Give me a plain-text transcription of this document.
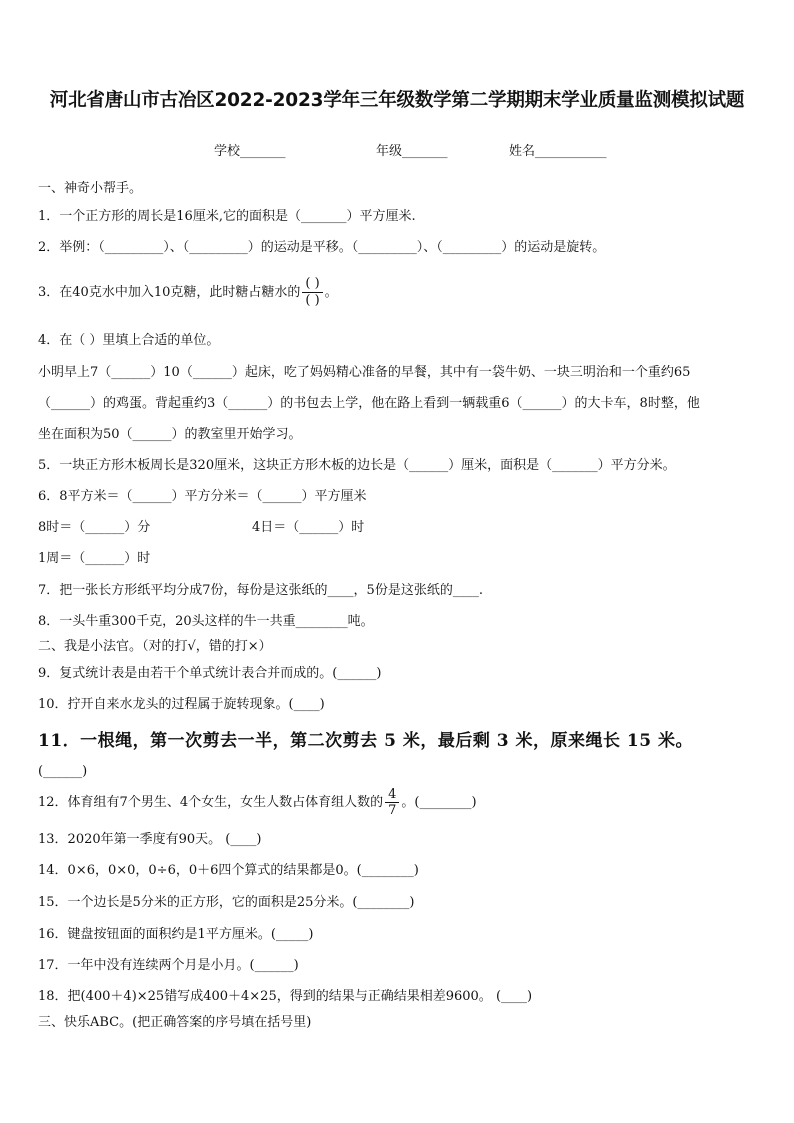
河北省唐山市古冶区2022-2023学年三年级数学第二学期期末学业质量监测模拟试题
学校_______	年级_______	姓名___________
一、神奇小帮手。
1．一个正方形的周长是16厘米,它的面积是（_______）平方厘米.
2．举例：（_________）、（_________）的运动是平移。（_________）、（_________）的运动是旋转。
3．在40克水中加入10克糖，此时糖占糖水的 $\frac{( )}{( )}$ 。
4．在（ ）里填上合适的单位。
小明早上7（______）10（______）起床，吃了妈妈精心准备的早餐，其中有一袋牛奶、一块三明治和一个重约65
（______）的鸡蛋。背起重约3（______）的书包去上学，他在路上看到一辆载重6（______）的大卡车，8时整，他
坐在面积为50（______）的教室里开始学习。
5．一块正方形木板周长是320厘米，这块正方形木板的边长是（______）厘米，面积是（_______）平方分米。
6．8平方米＝（______）平方分米＝（______）平方厘米
8时＝（______）分	4日＝（______）时
1周＝（______）时
7．把一张长方形纸平均分成7份，每份是这张纸的____，5份是这张纸的____.
8．一头牛重300千克，20头这样的牛一共重________吨。
二、我是小法官。（对的打√，错的打×）
9．复式统计表是由若干个单式统计表合并而成的。(______)
10．拧开自来水龙头的过程属于旋转现象。(____)
11．一根绳，第一次剪去一半，第二次剪去 5 米，最后剩 3 米，原来绳长 15 米。
(______)
12．体育组有7个男生、4个女生，女生人数占体育组人数的 $\frac{4}{7}$ 。(________)
13．2020年第一季度有90天。 (____)
14．0×6，0×0，0÷6，0＋6四个算式的结果都是0。(________)
15．一个边长是5分米的正方形，它的面积是25分米。(________)
16．键盘按钮面的面积约是1平方厘米。(_____)
17．一年中没有连续两个月是小月。(______)
18．把(400＋4)×25错写成400＋4×25，得到的结果与正确结果相差9600。 (____)
三、快乐ABC。(把正确答案的序号填在括号里)
